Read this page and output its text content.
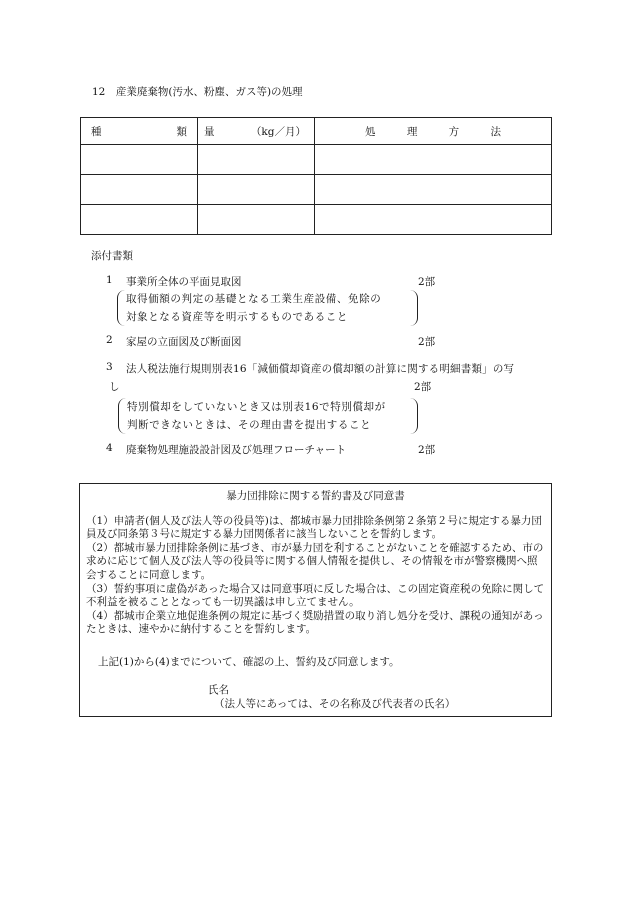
12　産業廃棄物(汚水、粉塵、ガス等)の処理
種 類	量 （kg／月）	処 理 方 法

添付書類
1 事業所全体の平面見取図	2部
取得価額の判定の基礎となる工業生産設備、免除の
対象となる資産等を明示するものであること
2 家屋の立面図及び断面図	2部
3 法人税法施行規則別表16「減価償却資産の償却額の計算に関する明細書類」の写
し	2部
特別償却をしていないとき又は別表16で特別償却が
判断できないときは、その理由書を提出すること
4 廃棄物処理施設設計図及び処理フローチャート	2部
暴力団排除に関する誓約書及び同意書
（1）申請者(個人及び法人等の役員等)は、都城市暴力団排除条例第２条第２号に規定する暴力団員及び同条第３号に規定する暴力団関係者に該当しないことを誓約します。
（2）都城市暴力団排除条例に基づき、市が暴力団を利することがないことを確認するため、市の求めに応じて個人及び法人等の役員等に関する個人情報を提供し、その情報を市が警察機関へ照会することに同意します。
（3）誓約事項に虚偽があった場合又は同意事項に反した場合は、この固定資産税の免除に関して不利益を被ることとなっても一切異議は申し立てません。
（4）都城市企業立地促進条例の規定に基づく奨励措置の取り消し処分を受け、課税の通知があったときは、速やかに納付することを誓約します。
上記(1)から(4)までについて、確認の上、誓約及び同意します。
氏名
（法人等にあっては、その名称及び代表者の氏名）
